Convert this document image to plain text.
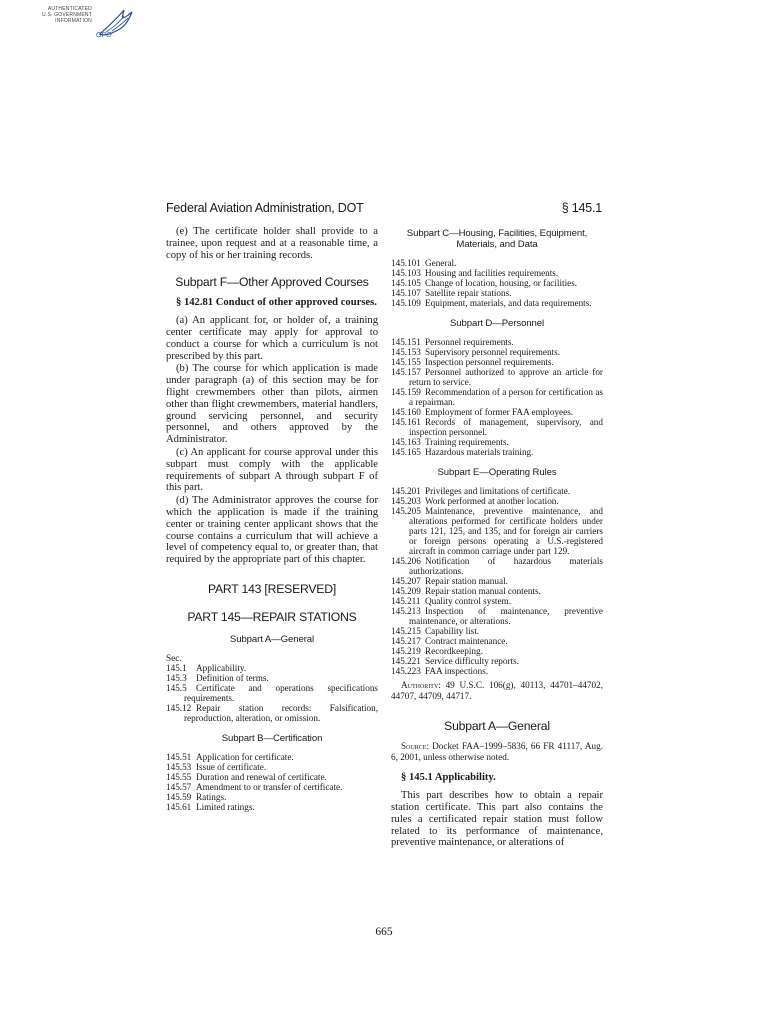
AUTHENTICATED
U.S. GOVERNMENT
INFORMATION
GPO
Federal Aviation Administration, DOT	§ 145.1

(e) The certificate holder shall provide to a trainee, upon request and at a reasonable time, a copy of his or her training records.

Subpart F—Other Approved Courses
§ 142.81 Conduct of other approved courses.

(a) An applicant for, or holder of, a training center certificate may apply for approval to conduct a course for which a curriculum is not prescribed by this part.

(b) The course for which application is made under paragraph (a) of this section may be for flight crewmembers other than pilots, airmen other than flight crewmembers, material handlers, ground servicing personnel, and security personnel, and others approved by the Administrator.

(c) An applicant for course approval under this subpart must comply with the applicable requirements of subpart A through subpart F of this part.

(d) The Administrator approves the course for which the application is made if the training center or training center applicant shows that the course contains a curriculum that will achieve a level of competency equal to, or greater than, that required by the appropriate part of this chapter.

PART 143 [RESERVED]
PART 145—REPAIR STATIONS
Subpart A—General
Sec.
145.1 Applicability.
145.3 Definition of terms.
145.5 Certificate and operations specifications requirements.
145.12 Repair station records: Falsification, reproduction, alteration, or omission.
Subpart B—Certification
145.51 Application for certificate.
145.53 Issue of certificate.
145.55 Duration and renewal of certificate.
145.57 Amendment to or transfer of certificate.
145.59 Ratings.
145.61 Limited ratings.
Subpart C—Housing, Facilities, Equipment, Materials, and Data
145.101 General.
145.103 Housing and facilities requirements.
145.105 Change of location, housing, or facilities.
145.107 Satellite repair stations.
145.109 Equipment, materials, and data requirements.
Subpart D—Personnel
145.151 Personnel requirements.
145.153 Supervisory personnel requirements.
145.155 Inspection personnel requirements.
145.157 Personnel authorized to approve an article for return to service.
145.159 Recommendation of a person for certification as a repairman.
145.160 Employment of former FAA employees.
145.161 Records of management, supervisory, and inspection personnel.
145.163 Training requirements.
145.165 Hazardous materials training.
Subpart E—Operating Rules
145.201 Privileges and limitations of certificate.
145.203 Work performed at another location.
145.205 Maintenance, preventive maintenance, and alterations performed for certificate holders under parts 121, 125, and 135, and for foreign air carriers or foreign persons operating a U.S.-registered aircraft in common carriage under part 129.
145.206 Notification of hazardous materials authorizations.
145.207 Repair station manual.
145.209 Repair station manual contents.
145.211 Quality control system.
145.213 Inspection of maintenance, preventive maintenance, or alterations.
145.215 Capability list.
145.217 Contract maintenance.
145.219 Recordkeeping.
145.221 Service difficulty reports.
145.223 FAA inspections.

Authority: 49 U.S.C. 106(g), 40113, 44701–44702, 44707, 44709, 44717.

Subpart A—General

Source: Docket FAA–1999–5836, 66 FR 41117, Aug. 6, 2001, unless otherwise noted.

§ 145.1 Applicability.

This part describes how to obtain a repair station certificate. This part also contains the rules a certificated repair station must follow related to its performance of maintenance, preventive maintenance, or alterations of

665
